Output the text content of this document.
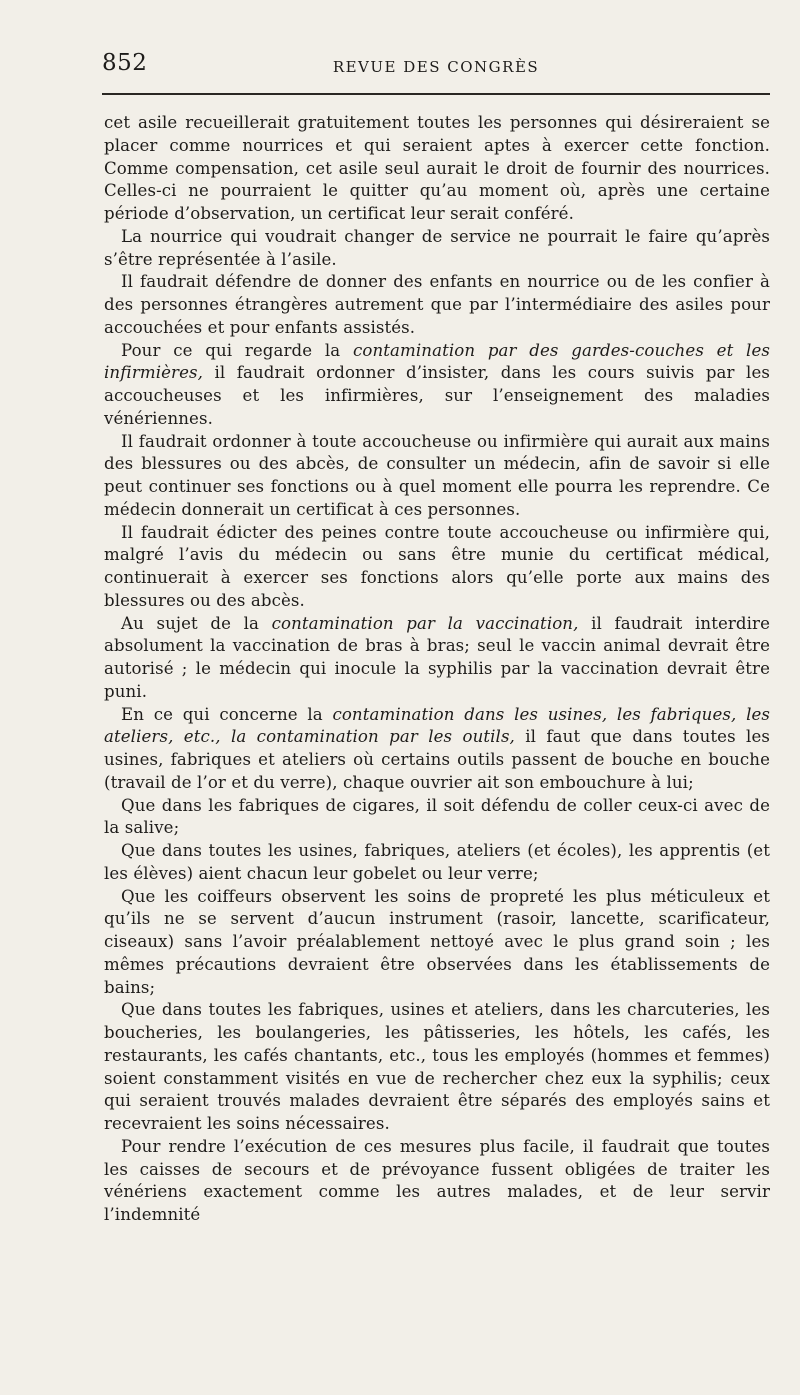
852	REVUE DES CONGRÈS

cet asile recueillerait gratuitement toutes les personnes qui désireraient se placer comme nourrices et qui seraient aptes à exercer cette fonction. Comme compensation, cet asile seul aurait le droit de fournir des nourrices. Celles-ci ne pourraient le quitter qu’au moment où, après une certaine période d’observation, un certificat leur serait conféré.

La nourrice qui voudrait changer de service ne pourrait le faire qu’après s’être représentée à l’asile.

Il faudrait défendre de donner des enfants en nourrice ou de les confier à des personnes étrangères autrement que par l’intermédiaire des asiles pour accouchées et pour enfants assistés.

Pour ce qui regarde la contamination par des gardes-couches et les infirmières, il faudrait ordonner d’insister, dans les cours suivis par les accoucheuses et les infirmières, sur l’enseignement des maladies vénériennes.

Il faudrait ordonner à toute accoucheuse ou infirmière qui aurait aux mains des blessures ou des abcès, de consulter un médecin, afin de savoir si elle peut continuer ses fonctions ou à quel moment elle pourra les reprendre. Ce médecin donnerait un certificat à ces personnes.

Il faudrait édicter des peines contre toute accoucheuse ou infirmière qui, malgré l’avis du médecin ou sans être munie du certificat médical, continuerait à exercer ses fonctions alors qu’elle porte aux mains des blessures ou des abcès.

Au sujet de la contamination par la vaccination, il faudrait interdire absolument la vaccination de bras à bras; seul le vaccin animal devrait être autorisé ; le médecin qui inocule la syphilis par la vaccination devrait être puni.

En ce qui concerne la contamination dans les usines, les fabriques, les ateliers, etc., la contamination par les outils, il faut que dans toutes les usines, fabriques et ateliers où certains outils passent de bouche en bouche (travail de l’or et du verre), chaque ouvrier ait son embouchure à lui;

Que dans les fabriques de cigares, il soit défendu de coller ceux-ci avec de la salive;

Que dans toutes les usines, fabriques, ateliers (et écoles), les apprentis (et les élèves) aient chacun leur gobelet ou leur verre;

Que les coiffeurs observent les soins de propreté les plus méticuleux et qu’ils ne se servent d’aucun instrument (rasoir, lancette, scarificateur, ciseaux) sans l’avoir préalablement nettoyé avec le plus grand soin ; les mêmes précautions devraient être observées dans les établissements de bains;

Que dans toutes les fabriques, usines et ateliers, dans les charcuteries, les boucheries, les boulangeries, les pâtisseries, les hôtels, les cafés, les restaurants, les cafés chantants, etc., tous les employés (hommes et femmes) soient constamment visités en vue de rechercher chez eux la syphilis; ceux qui seraient trouvés malades devraient être séparés des employés sains et recevraient les soins nécessaires.

Pour rendre l’exécution de ces mesures plus facile, il faudrait que toutes les caisses de secours et de prévoyance fussent obligées de traiter les vénériens exactement comme les autres malades, et de leur servir l’indemnité
